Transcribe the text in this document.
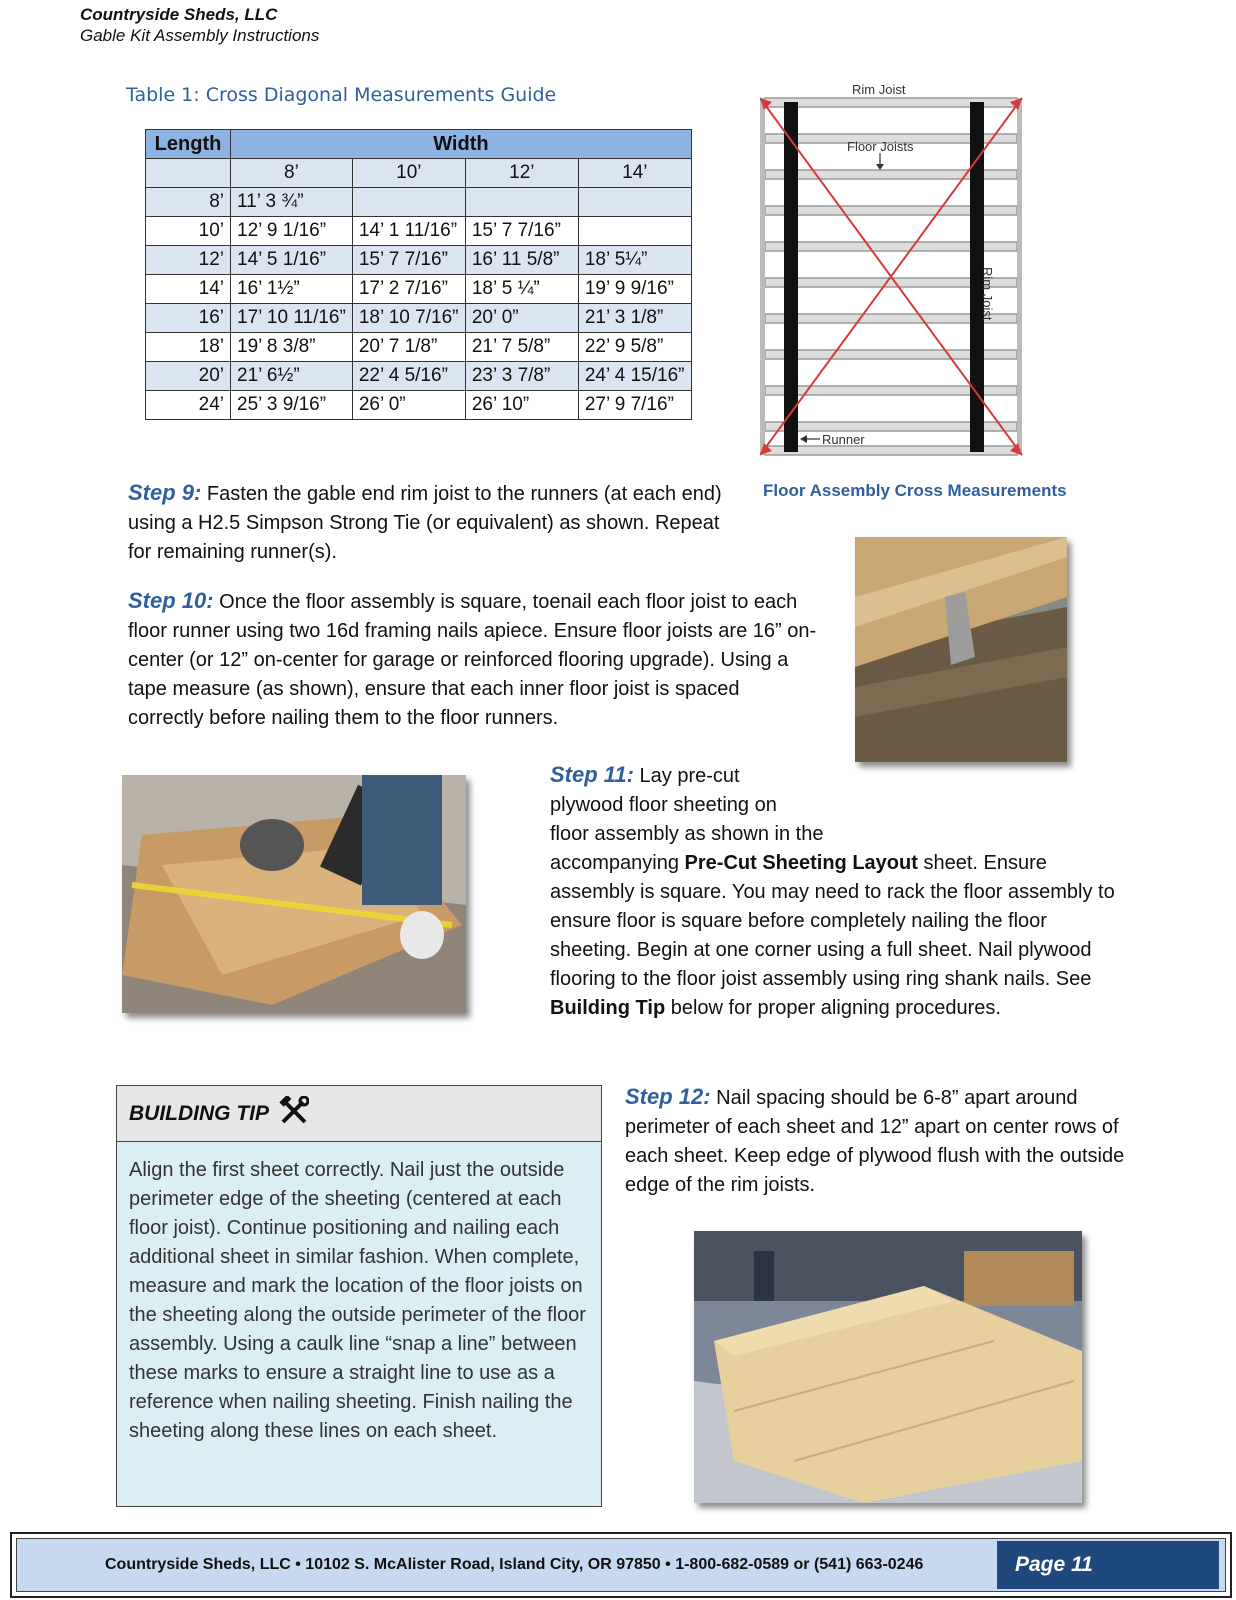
Countryside Sheds, LLC
Gable Kit Assembly Instructions
Table 1: Cross Diagonal Measurements Guide
Length	Width			
	8’	10’	12’	14’
8’	11’ 3 ¾”			
10’	12’ 9 1/16”	14’ 1 11/16”	15’ 7 7/16”	
12’	14’ 5 1/16”	15’ 7 7/16”	16’ 11 5/8”	18’ 5¼”
14’	16’ 1½”	17’ 2 7/16”	18’ 5 ¼”	19’ 9 9/16”
16’	17’ 10 11/16”	18’ 10 7/16”	20’ 0”	21’ 3 1/8”
18’	19’ 8 3/8”	20’ 7 1/8”	21’ 7 5/8”	22’ 9 5/8”
20’	21’ 6½”	22’ 4 5/16”	23’ 3 7/8”	24’ 4 15/16”
24’	25’ 3 9/16”	26’ 0”	26’ 10”	27’ 9 7/16”
Rim Joist
Floor Joists
Rim Joist
Runner
Floor Assembly Cross Measurements
Step 9: Fasten the gable end rim joist to the runners (at each end) using a H2.5 Simpson Strong Tie (or equivalent) as shown. Repeat for remaining runner(s).
Step 10: Once the floor assembly is square, toenail each floor joist to each floor runner using two 16d framing nails apiece. Ensure floor joists are 16” on-center (or 12” on-center for garage or reinforced flooring upgrade). Using a tape measure (as shown), ensure that each inner floor joist is spaced correctly before nailing them to the floor runners.
Step 11: Lay pre-cut
plywood floor sheeting on
floor assembly as shown in the
accompanying Pre-Cut Sheeting Layout sheet. Ensure assembly is square. You may need to rack the floor assembly to ensure floor is square before completely nailing the floor sheeting. Begin at one corner using a full sheet. Nail plywood flooring to the floor joist assembly using ring shank nails. See Building Tip below for proper aligning procedures.
BUILDING TIP
Align the first sheet correctly. Nail just the outside perimeter edge of the sheeting (centered at each floor joist). Continue positioning and nailing each additional sheet in similar fashion. When complete, measure and mark the location of the floor joists on the sheeting along the outside perimeter of the floor assembly. Using a caulk line “snap a line” between these marks to ensure a straight line to use as a reference when nailing sheeting. Finish nailing the sheeting along these lines on each sheet.
Step 12: Nail spacing should be 6-8” apart around perimeter of each sheet and 12” apart on center rows of each sheet. Keep edge of plywood flush with the outside edge of the rim joists.
Countryside Sheds, LLC • 10102 S. McAlister Road, Island City, OR 97850 • 1-800-682-0589 or (541) 663-0246	Page 11
